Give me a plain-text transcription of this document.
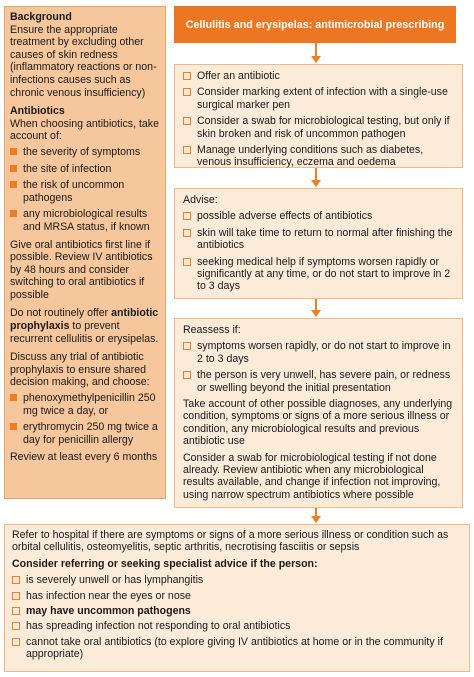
Background

Ensure the appropriate treatment by excluding other causes of skin redness (inflammatory reactions or non-infections causes such as chronic venous insufficiency)

Antibiotics

When choosing antibiotics, take account of:

the severity of symptoms
the site of infection
the risk of uncommon pathogens
any microbiological results and MRSA status, if known

Give oral antibiotics first line if possible. Review IV antibiotics by 48 hours and consider switching to oral antibiotics if possible

Do not routinely offer antibiotic prophylaxis to prevent recurrent cellulitis or erysipelas.

Discuss any trial of antibiotic prophylaxis to ensure shared decision making, and choose:

phenoxymethylpenicillin 250 mg twice a day, or
erythromycin 250 mg twice a day for penicillin allergy

Review at least every 6 months

Cellulitis and erysipelas: antimicrobial prescribing
Offer an antibiotic
Consider marking extent of infection with a single-use surgical marker pen
Consider a swab for microbiological testing, but only if skin broken and risk of uncommon pathogen
Manage underlying conditions such as diabetes, venous insufficiency, eczema and oedema

Advise:

possible adverse effects of antibiotics
skin will take time to return to normal after finishing the antibiotics
seeking medical help if symptoms worsen rapidly or significantly at any time, or do not start to improve in 2 to 3 days

Reassess if:

symptoms worsen rapidly, or do not start to improve in 2 to 3 days
the person is very unwell, has severe pain, or redness or swelling beyond the initial presentation

Take account of other possible diagnoses, any underlying condition, symptoms or signs of a more serious illness or condition, any microbiological results and previous antibiotic use

Consider a swab for microbiological testing if not done already. Review antibiotic when any microbiological results available, and change if infection not improving, using narrow spectrum antibiotics where possible

Refer to hospital if there are symptoms or signs of a more serious illness or condition such as orbital cellulitis, osteomyelitis, septic arthritis, necrotising fasciitis or sepsis

Consider referring or seeking specialist advice if the person:

is severely unwell or has lymphangitis
has infection near the eyes or nose
may have uncommon pathogens
has spreading infection not responding to oral antibiotics
cannot take oral antibiotics (to explore giving IV antibiotics at home or in the community if appropriate)
